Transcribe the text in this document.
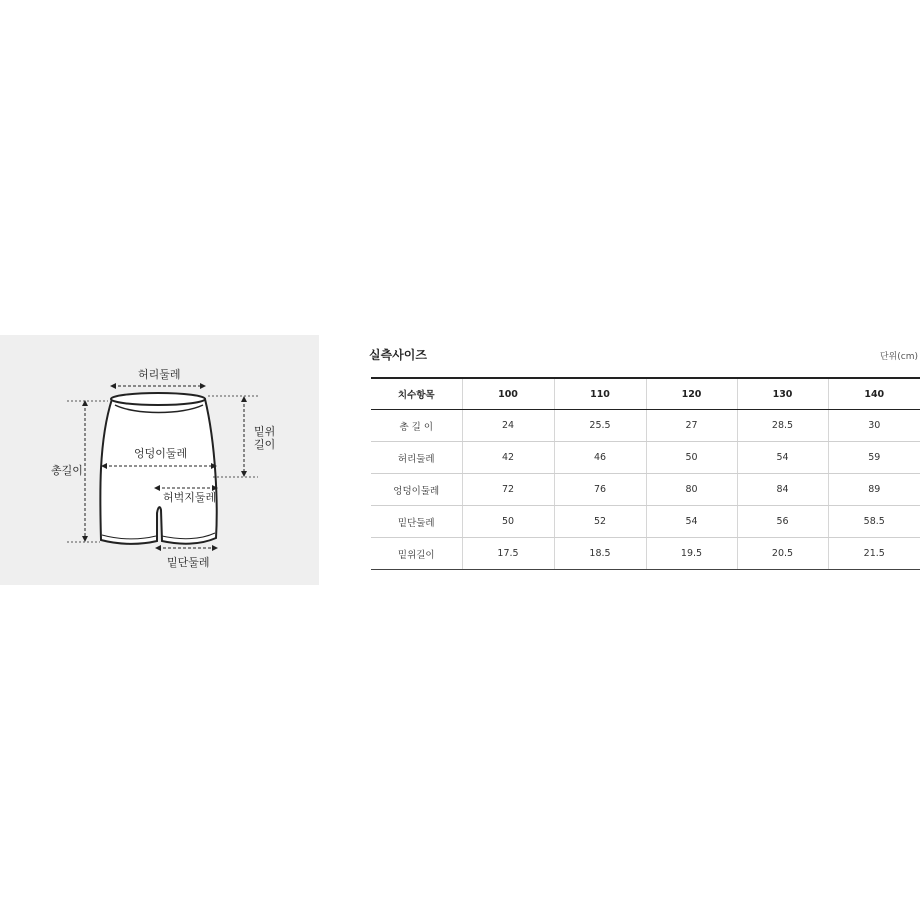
허리둘레
총길이
엉덩이둘레
밑위
길이
허벅지둘레
밑단둘레
실측사이즈	단위(cm)
치수항목	100	110	120	130	140
총 길 이	24	25.5	27	28.5	30
허리둘레	42	46	50	54	59
엉덩이둘레	72	76	80	84	89
밑단둘레	50	52	54	56	58.5
밑위길이	17.5	18.5	19.5	20.5	21.5
